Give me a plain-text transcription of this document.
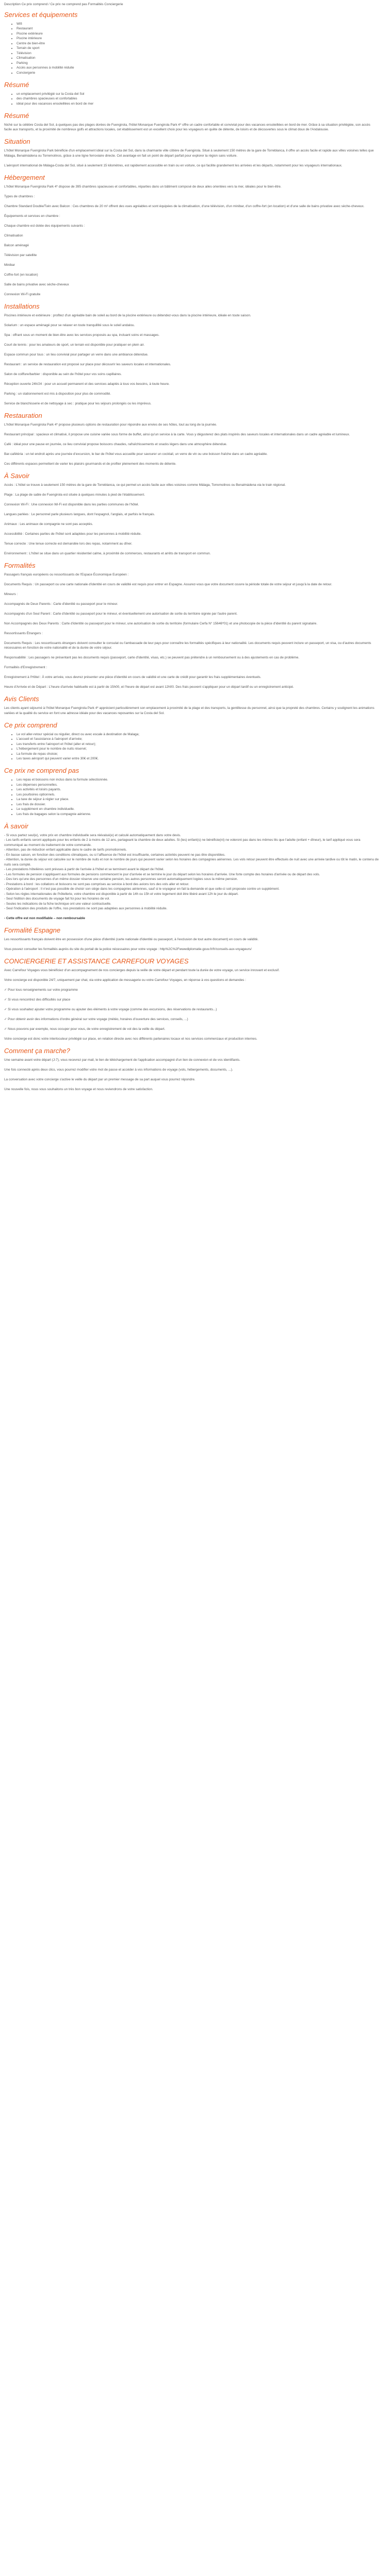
Description Ce prix comprend / Ce prix ne comprend pas Formalités Conciergerie
Services et équipements
• Wifi
• Restaurant
• Piscine extérieure
• Piscine intérieure
• Centre de bien-être
• Terrain de sport
• Télévision
• Climatisation
• Parking
• Accès aux personnes à mobilité réduite
• Conciergerie
Résumé
• un emplacement privilégié sur la Costa del Sol
• des chambres spacieuses et confortables
• idéal pour des vacances ensoleillées en bord de mer
Résumé

Niché sur la célèbre Costa del Sol, à quelques pas des plages dorées de Fuengirola, l'hôtel Monarque Fuengirola Park 4* offre un cadre confortable et convivial pour des vacances ensoleillées en bord de mer. Grâce à sa situation privilégiée, son accès facile aux transports, et la proximité de nombreux golfs et attractions locales, cet établissement est un excellent choix pour les voyageurs en quête de détente, de loisirs et de découvertes sous le climat doux de l'Andalousie.

Situation

L'hôtel Monarque Fuengirola Park bénéficie d'un emplacement idéal sur la Costa del Sol, dans la charmante ville côtière de Fuengirola. Situé à seulement 150 mètres de la gare de Torreblanca, il offre un accès facile et rapide aux villes voisines telles que Málaga, Benalmádena ou Torremolinos, grâce à une ligne ferroviaire directe. Cet avantage en fait un point de départ parfait pour explorer la région sans voiture.

L'aéroport international de Málaga-Costa del Sol, situé à seulement 15 kilomètres, est rapidement accessible en train ou en voiture, ce qui facilite grandement les arrivées et les départs, notamment pour les voyageurs internationaux.

Hébergement

L'hôtel Monarque Fuengirola Park 4* dispose de 395 chambres spacieuses et confortables, réparties dans un bâtiment composé de deux ailes orientées vers la mer, idéales pour le bien-être.

Types de chambres :

Chambre Standard Double/Twin avec Balcon : Ces chambres de 20 m² offrent des vues agréables et sont équipées de la climatisation, d'une télévision, d'un minibar, d'un coffre-fort (en location) et d'une salle de bains privative avec sèche-cheveux.

Équipements et services en chambre :

Chaque chambre est dotée des équipements suivants :

Climatisation

Balcon aménagé

Télévision par satellite

Minibar

Coffre-fort (en location)

Salle de bains privative avec sèche-cheveux

Connexion Wi-Fi gratuite

Installations

Piscines intérieure et extérieure : profitez d'un agréable bain de soleil au bord de la piscine extérieure ou détendez-vous dans la piscine intérieure, idéale en toute saison.

Solarium : un espace aménagé pour se relaxer en toute tranquillité sous le soleil andalou.

Spa : offrant sous un moment de bien-être avec les services proposés au spa, incluant soins et massages.

Court de tennis : pour les amateurs de sport, un terrain est disponible pour pratiquer en plein air.

Espace commun pour tous : un lieu convivial pour partager un verre dans une ambiance détendue.

Restaurant : un service de restauration est proposé sur place pour découvrir les saveurs locales et internationales.

Salon de coiffure/barbier : disponible au sein de l'hôtel pour vos soins capillaires.

Réception ouverte 24h/24 : pour un accueil permanent et des services adaptés à tous vos besoins, à toute heure.

Parking : un stationnement est mis à disposition pour plus de commodité.

Service de blanchisserie et de nettoyage à sec : pratique pour les séjours prolongés ou les imprévus.

Restauration

L'hôtel Monarque Fuengirola Park 4* propose plusieurs options de restauration pour répondre aux envies de ses hôtes, tout au long de la journée.

Restaurant principal : spacieux et climatisé, il propose une cuisine variée sous forme de buffet, ainsi qu'un service à la carte. Vous y dégusterez des plats inspirés des saveurs locales et internationales dans un cadre agréable et lumineux.

Café : idéal pour une pause en journée, ce lieu convivial propose boissons chaudes, rafraîchissements et snacks légers dans une atmosphère détendue.

Bar-cafétéria : un tel endroit après une journée d'excursion, le bar de l'hôtel vous accueille pour savourer un cocktail, un verre de vin ou une boisson fraîche dans un cadre agréable.

Ces différents espaces permettent de varier les plaisirs gourmands et de profiter pleinement des moments de détente.

À Savoir

Accès : L'hôtel se trouve à seulement 150 mètres de la gare de Torreblanca, ce qui permet un accès facile aux villes voisines comme Málaga, Torremolinos ou Benalmádena via le train régional.

Plage : La plage de sable de Fuengirola est située à quelques minutes à pied de l'établissement.

Connexion Wi-Fi : Une connexion Wi-Fi est disponible dans les parties communes de l'hôtel.

Langues parlées : Le personnel parle plusieurs langues, dont l'espagnol, l'anglais, et parfois le français.

Animaux : Les animaux de compagnie ne sont pas acceptés.

Accessibilité : Certaines parties de l'hôtel sont adaptées pour les personnes à mobilité réduite.

Tenue correcte : Une tenue correcte est demandée lors des repas, notamment au dîner.

Environnement : L'hôtel se situe dans un quartier résidentiel calme, à proximité de commerces, restaurants et arrêts de transport en commun.

Formalités

Passagers français européens ou ressortissants de l'Espace Économique Européen :

Documents Requis : Un passeport ou une carte nationale d'identité en cours de validité est requis pour entrer en Espagne. Assurez-vous que votre document couvre la période totale de votre séjour et jusqu'à la date de retour.

Mineurs :

Accompagnés de Deux Parents : Carte d'identité ou passeport pour le mineur.

Accompagnés d'un Seul Parent : Carte d'identité ou passeport pour le mineur, et éventuellement une autorisation de sortie du territoire signée par l'autre parent.

Non Accompagnés des Deux Parents : Carte d'identité ou passeport pour le mineur, une autorisation de sortie du territoire (formulaire Cerfa N° 15646*01) et une photocopie de la pièce d'identité du parent signataire.

Ressortissants Étrangers :

Documents Requis : Les ressortissants étrangers doivent consulter le consulat ou l'ambassade de leur pays pour connaître les formalités spécifiques à leur nationalité. Les documents requis peuvent inclure un passeport, un visa, ou d'autres documents nécessaires en fonction de votre nationalité et de la durée de votre séjour.

Responsabilité : Les passagers ne présentant pas les documents requis (passeport, carte d'identité, visas, etc.) se peuvent pas prétendre à un remboursement ou à des ajustements en cas de problème.

Formalités d'Enregistrement :

Enregistrement à l'Hôtel : À votre arrivée, vous devrez présenter une pièce d'identité en cours de validité et une carte de crédit pour garantir les frais supplémentaires éventuels.

Heure d'Arrivée et de Départ : L'heure d'arrivée habituelle est à partir de 15h00, et l'heure de départ est avant 12h00. Des frais peuvent s'appliquer pour un départ tardif ou un enregistrement anticipé.

Avis Clients

Les clients ayant séjourné à l'hôtel Monarque Fuengirola Park 4* apprécient particulièrement son emplacement à proximité de la plage et des transports, la gentillesse du personnel, ainsi que la propreté des chambres. Certains y soulignent les animations variées et la qualité du service en font une adresse idéale pour des vacances reposantes sur la Costa del Sol.

Ce prix comprend
• Le vol aller-retour spécial ou régulier, direct ou avec escale à destination de Malaga;
• L'accueil et l'assistance à l'aéroport d'arrivée;
• Les transferts entre l'aéroport et l'hôtel (aller et retour);
• L'hébergement pour le nombre de nuits réservé;
• La formule de repas choisie;
• Les taxes aéroport qui peuvent varier entre 30€ et 200€.
Ce prix ne comprend pas
• Les repas et boissons non inclus dans la formule sélectionnée.
• Les dépenses personnelles.
• Les activités et loisirs payants.
• Les pourboires optionnels.
• La taxe de séjour à régler sur place.
• Les frais de dossier.
• Le supplément en chambre individuelle.
• Les frais de bagages selon la compagnie aérienne.
À savoir
- Si vous partez seul(e), votre prix en chambre individuelle sera réévalué(e) et calculé automatiquement dans votre devis.
- Les tarifs enfants seront appliqués pour les enfants de 2 à moins de 12 ans, partageant la chambre de deux adultes. Si (les) enfant(s) ne bénéficie(nt) ne voleront pas dans les mêmes lits que l'adulte (enfant + dîneur), le tarif appliqué vous sera communiqué au moment du traitement de votre commande.
- Attention, pas de réduction enfant applicable dans le cadre de tarifs promotionnels.
- En basse saison, en fonction des conditions climatiques, ou si l'affluence de l'hôtel est insuffisante, certaines activités peuvent ne pas être disponibles.
- Attention, la durée du séjour est calculée sur le nombre de nuits et non le nombre de jours qui peuvent varier selon les horaires des compagnies aériennes. Les vols retour peuvent être effectués de nuit avec une arrivée tardive ou tôt le matin, le contenu de nuits sera compté.
- Les prestations hôtelières sont prévues à partir de l'arrivée à l'hôtel et se terminent avant le départ de l'hôtel.
- Les formules de pension s'appliquent aux formules de pensions commencent le jour d'arrivée et se termine le jour du départ selon les horaires d'arrivée. Une forte compte des horaires d'arrivée ou de départ des vols.
- Des lors qu'une des personnes d'un même dossier réserve une certaine pension, les autres personnes seront automatiquement logées sous la même pension.
- Prestations à bord : les collations et boissons ne sont pas comprises au service à bord des avions lors des vols aller et retour.
- Opération à l'aéroport : Il n'est pas possible de choisir son siège dans les compagnies aériennes, sauf si le voyageur en fait la demande et que celle-ci soit proposée contre un supplément.
- Selon les règles internationales de l'hôtellerie, votre chambre est disponible à partir de 14h ou 15h et votre logement doit être libéré avant 12h le jour du départ.
- Seul l'édition des documents de voyage fait foi pour les horaires de vol.
- Seules les indications de la fiche technique ont une valeur contractuelle.
- Seul l'indication des produits de l'offre, nos prestations ne sont pas adaptées aux personnes à mobilité réduite.

- Cette offre est non modifiable – non remboursable

Formalité Espagne

Les ressortissants français doivent être en possession d'une pièce d'identité (carte nationale d'identité ou passeport, à l'exclusion de tout autre document) en cours de validité.

Vous pouvez consulter les formalités auprès du site du portail de la police nécessaires pour votre voyage : http%2C%2Fwwwdiplomatie.gouv.fr/fr/conseils-aux-voyageurs/

CONCIERGERIE ET ASSISTANCE CARREFOUR VOYAGES

Avec Carrefour Voyages vous bénéficiez d'un accompagnement de nos concierges depuis la veille de votre départ et pendant toute la durée de votre voyage, un service innovant et exclusif.

Votre concierge est disponible 24/7, uniquement par chat, via votre application de messagerie ou votre Carrefour Voyages, en réponse à vos questions et demandes :

✓ Pour tous renseignements sur votre programme

✓ Si vous rencontrez des difficultés sur place

✓ Si vous souhaitez ajouter votre programme ou ajouter des éléments à votre voyage (comme des excursions, des réservations de restaurants...)

✓ Pour obtenir avoir des informations d'ordre général sur votre voyage (météo, horaires d'ouverture des services, conseils, ...)

✓ Nous pouvons par exemple, nous occuper pour vous, de votre enregistrement de vol des la veille du départ.

Votre concierge est donc votre interlocuteur privilégié sur place, en relation directe avec nos différents partenaires locaux et nos services commerciaux et production internes.

Comment ça marche?

Une semaine avant votre départ (J-7), vous recevrez par mail, le lien de téléchargement de l'application accompagné d'un lien de connexion et de vos identifiants.

Une fois connecté après deux clics, vous pourrez modifier votre mot de passe et accéder à vos informations de voyage (vols, hébergements, documents, ...).

La conversation avec votre concierge s'active le veille du départ par un premier message de sa part auquel vous pourrez répondre.

Une nouvelle fois, nous vous souhaitons un très bon voyage et nous reviendrons de votre satisfaction.
